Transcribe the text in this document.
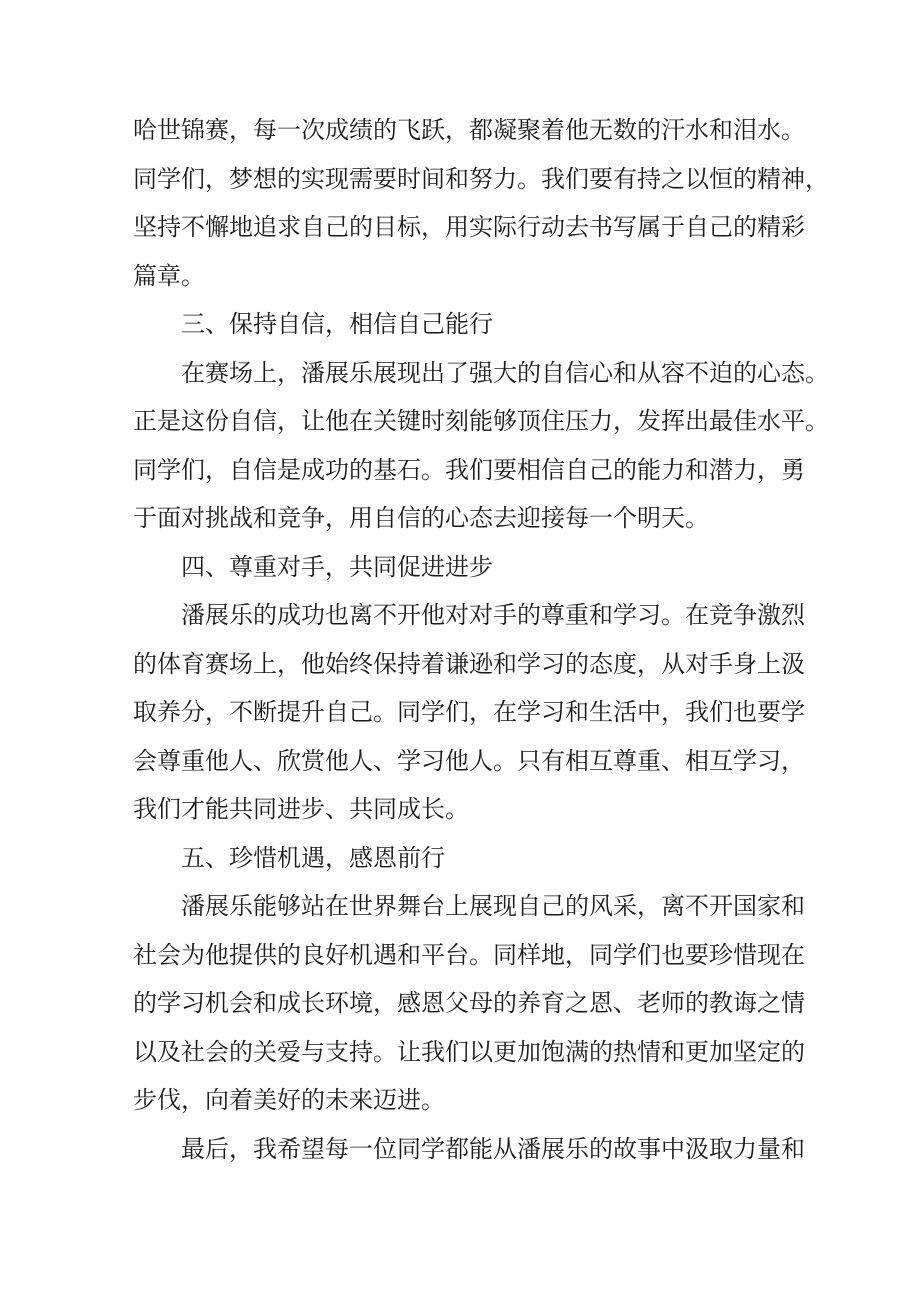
哈世锦赛，每一次成绩的飞跃，都凝聚着他无数的汗水和泪水。
同学们，梦想的实现需要时间和努力。我们要有持之以恒的精神，
坚持不懈地追求自己的目标，用实际行动去书写属于自己的精彩
篇章。
三、保持自信，相信自己能行
在赛场上，潘展乐展现出了强大的自信心和从容不迫的心态。
正是这份自信，让他在关键时刻能够顶住压力，发挥出最佳水平。
同学们，自信是成功的基石。我们要相信自己的能力和潜力，勇
于面对挑战和竞争，用自信的心态去迎接每一个明天。
四、尊重对手，共同促进进步
潘展乐的成功也离不开他对对手的尊重和学习。在竞争激烈
的体育赛场上，他始终保持着谦逊和学习的态度，从对手身上汲
取养分，不断提升自己。同学们，在学习和生活中，我们也要学
会尊重他人、欣赏他人、学习他人。只有相互尊重、相互学习，
我们才能共同进步、共同成长。
五、珍惜机遇，感恩前行
潘展乐能够站在世界舞台上展现自己的风采，离不开国家和
社会为他提供的良好机遇和平台。同样地，同学们也要珍惜现在
的学习机会和成长环境，感恩父母的养育之恩、老师的教诲之情
以及社会的关爱与支持。让我们以更加饱满的热情和更加坚定的
步伐，向着美好的未来迈进。
最后，我希望每一位同学都能从潘展乐的故事中汲取力量和
